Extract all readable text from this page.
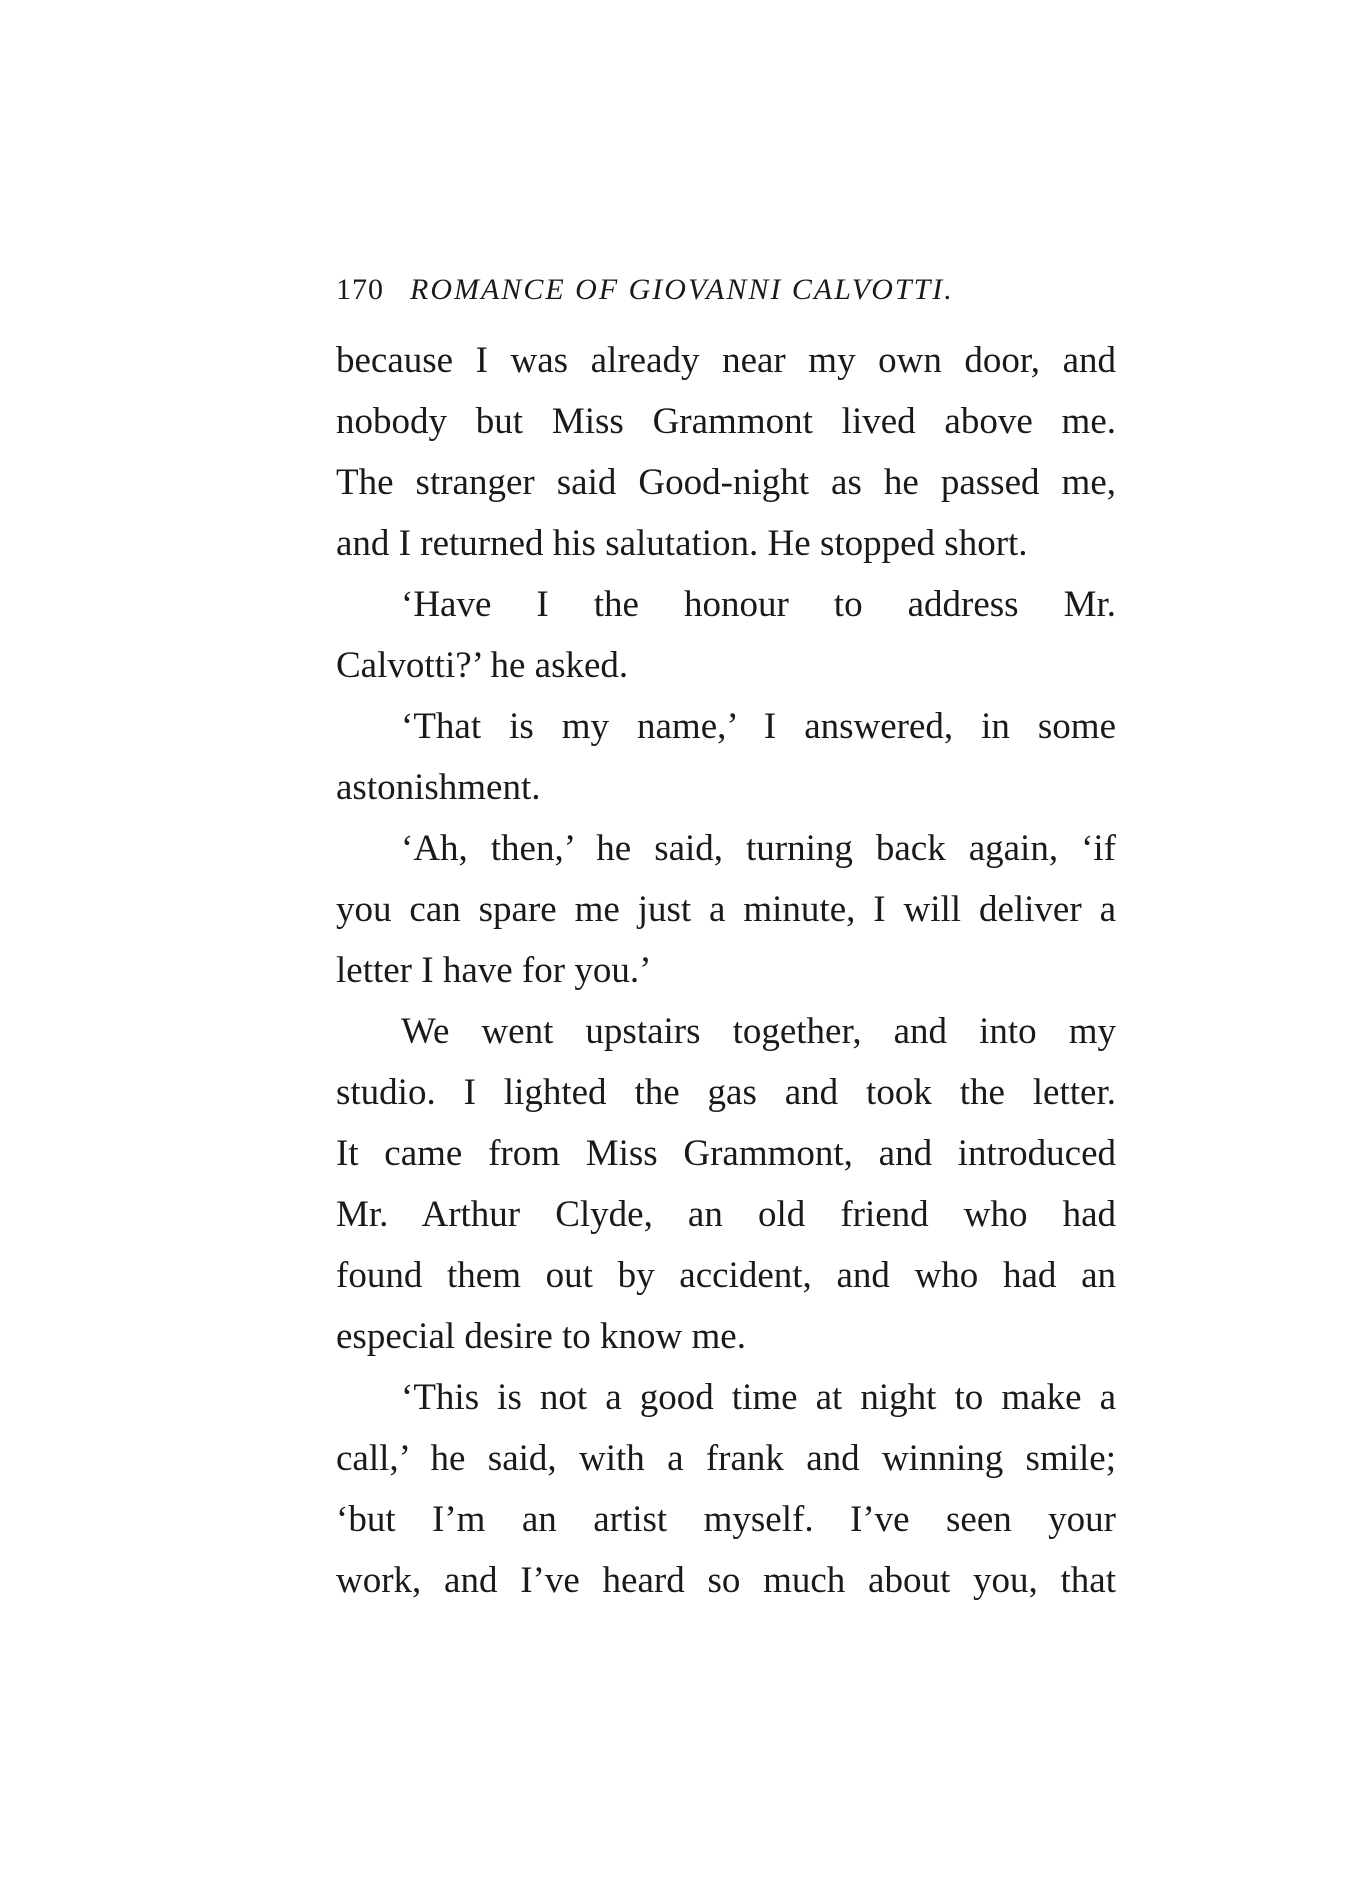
170 ROMANCE OF GIOVANNI CALVOTTI.
because I was already near my own door, and
nobody but Miss Grammont lived above me.
The stranger said Good-night as he passed me,
and I returned his salutation. He stopped short.
‘Have I the honour to address Mr.
Calvotti?’ he asked.
‘That is my name,’ I answered, in some
astonishment.
‘Ah, then,’ he said, turning back again, ‘if
you can spare me just a minute, I will deliver a
letter I have for you.’
We went upstairs together, and into my
studio. I lighted the gas and took the letter.
It came from Miss Grammont, and introduced
Mr. Arthur Clyde, an old friend who had
found them out by accident, and who had an
especial desire to know me.
‘This is not a good time at night to make a
call,’ he said, with a frank and winning smile;
‘but I’m an artist myself. I’ve seen your
work, and I’ve heard so much about you, that
